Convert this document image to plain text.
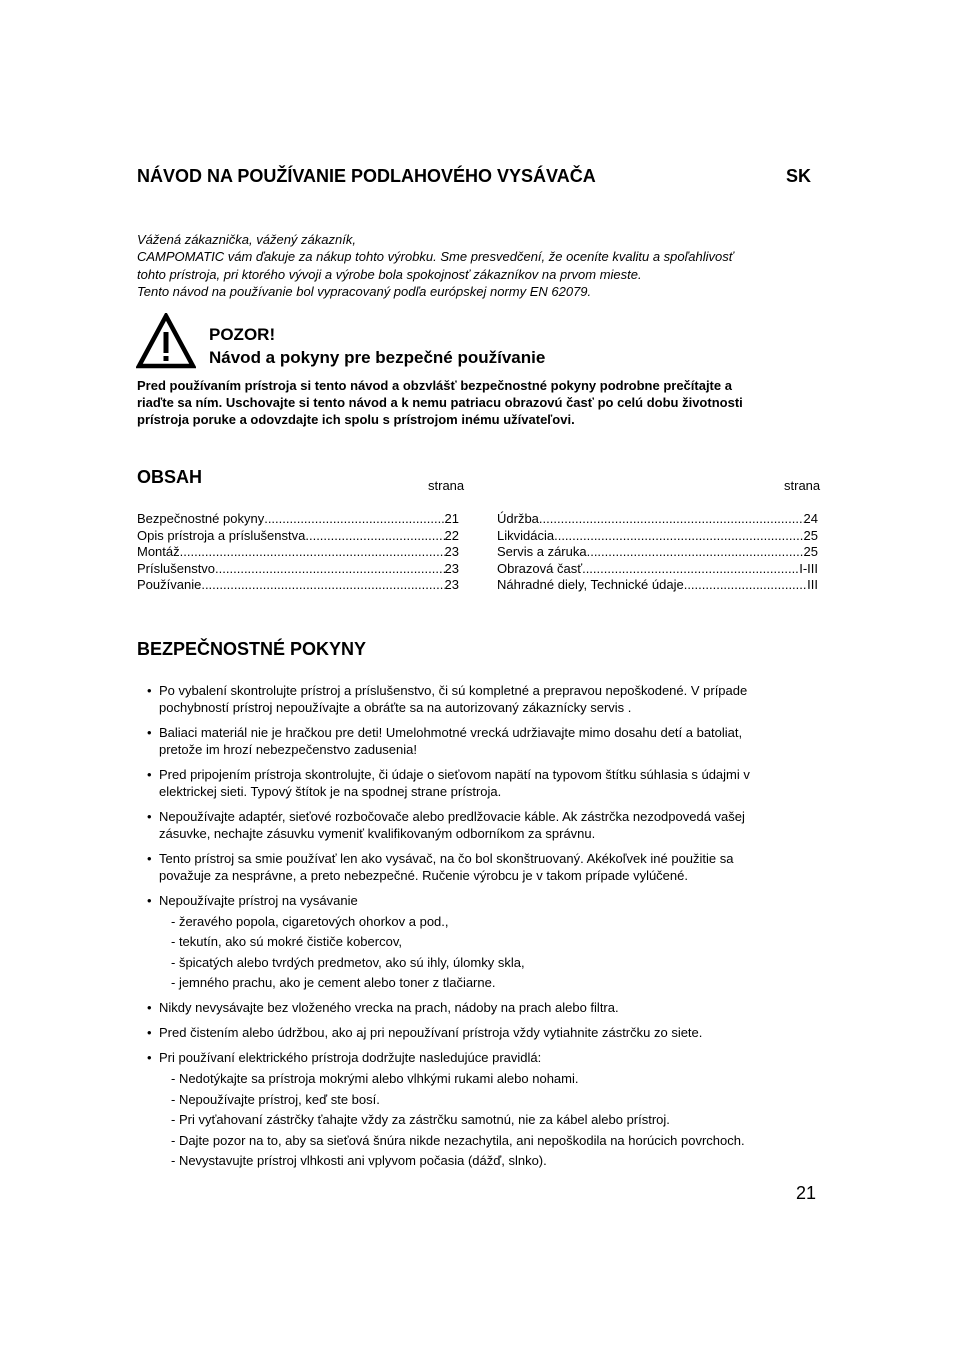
NÁVOD NA POUŽÍVANIE PODLAHOVÉHO VYSÁVAČA	SK
Vážená zákaznička, vážený zákazník,
CAMPOMATIC vám ďakuje za nákup tohto výrobku. Sme presvedčení, že oceníte kvalitu a spoľahlivosť
tohto prístroja, pri ktorého vývoji a výrobe bola spokojnosť zákazníkov na prvom mieste.
Tento návod na používanie bol vypracovaný podľa európskej normy EN 62079.
POZOR!
Návod a pokyny pre bezpečné používanie
Pred používaním prístroja si tento návod a obzvlášť bezpečnostné pokyny podrobne prečítajte a
riaďte sa ním. Uschovajte si tento návod a k nemu patriacu obrazovú časť po celú dobu životnosti
prístroja poruke a odovzdajte ich spolu s prístrojom inému užívateľovi.
OBSAH	strana	strana
Bezpečnostné pokyny .....	21
Opis prístroja a príslušenstva .....	22
Montáž .....	23
Príslušenstvo .....	23
Používanie .....	23
Údržba .....	24
Likvidácia .....	25
Servis a záruka .....	25
Obrazová časť .....	I-III
Náhradné diely, Technické údaje .....	III
BEZPEČNOSTNÉ POKYNY
• Po vybalení skontrolujte prístroj a príslušenstvo, či sú kompletné a prepravou nepoškodené. V prípade
pochybností prístroj nepoužívajte a obráťte sa na autorizovaný zákaznícky servis .
• Baliaci materiál nie je hračkou pre deti! Umelohmotné vrecká udržiavajte mimo dosahu detí a batoliat,
pretože im hrozí nebezpečenstvo zadusenia!
• Pred pripojením prístroja skontrolujte, či údaje o sieťovom napätí na typovom štítku súhlasia s údajmi v
elektrickej sieti. Typový štítok je na spodnej strane prístroja.
• Nepoužívajte adaptér, sieťové rozbočovače alebo predlžovacie káble. Ak zástrčka nezodpovedá vašej
zásuvke, nechajte zásuvku vymeniť kvalifikovaným odborníkom za správnu.
• Tento prístroj sa smie používať len ako vysávač, na čo bol skonštruovaný. Akékoľvek iné použitie sa
považuje za nesprávne, a preto nebezpečné. Ručenie výrobcu je v takom prípade vylúčené.
• Nepoužívajte prístroj na vysávanie
- žeravého popola, cigaretových ohorkov a pod.,
- tekutín, ako sú mokré čističe kobercov,
- špicatých alebo tvrdých predmetov, ako sú ihly, úlomky skla,
- jemného prachu, ako je cement alebo toner z tlačiarne.
• Nikdy nevysávajte bez vloženého vrecka na prach, nádoby na prach alebo filtra.
• Pred čistením alebo údržbou, ako aj pri nepoužívaní prístroja vždy vytiahnite zástrčku zo siete.
• Pri používaní elektrického prístroja dodržujte nasledujúce pravidlá:
- Nedotýkajte sa prístroja mokrými alebo vlhkými rukami alebo nohami.
- Nepoužívajte prístroj, keď ste bosí.
- Pri vyťahovaní zástrčky ťahajte vždy za zástrčku samotnú, nie za kábel alebo prístroj.
- Dajte pozor na to, aby sa sieťová šnúra nikde nezachytila, ani nepoškodila na horúcich povrchoch.
- Nevystavujte prístroj vlhkosti ani vplyvom počasia (dážď, slnko).
21
